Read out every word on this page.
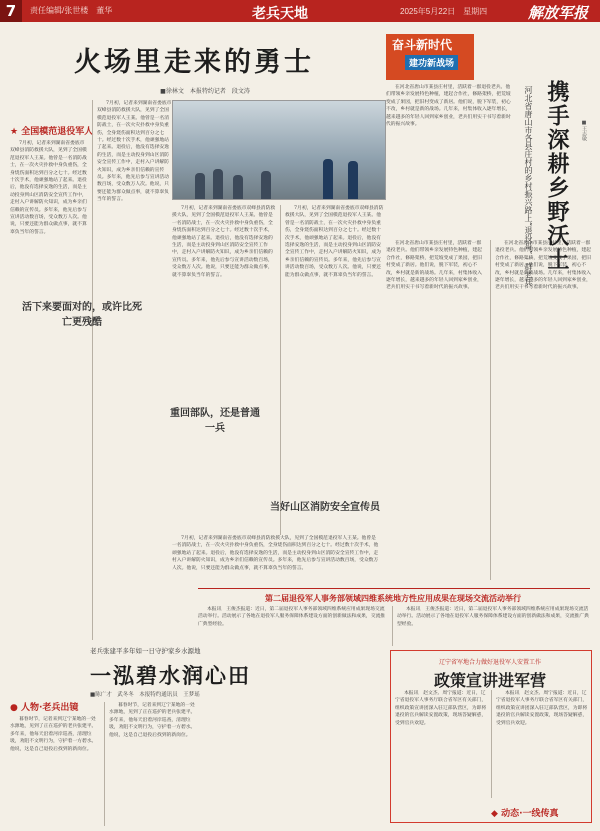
7	责任编辑/张世楼　董华	老兵天地	2025年5月22日　星期四	解放军报
火场里走来的勇士
■徐林文　本报特约记者　段文涛
★ 全国模范退役军人
7月初，记者来到湖南省娄底市双峰县消防救援大队，见到了全国模范退役军人王某。他曾是一名消防战士，在一次火灾扑救中身负重伤，全身烧伤面积达到百分之七十。经过数十次手术，他顽强地站了起来。退役后，他没有选择安逸的生活，而是主动投身到山区消防安全宣传工作中，走村入户讲解防火知识，成为乡亲们信赖的宣传员。多年来，他先后参与宣讲活动数百场，受众数万人次。他说，只要还能为群众做点事，就不算辜负当年的誓言。
7月初，记者来到湖南省娄底市双峰县消防救援大队，见到了全国模范退役军人王某。他曾是一名消防战士，在一次火灾扑救中身负重伤，全身烧伤面积达到百分之七十。经过数十次手术，他顽强地站了起来。退役后，他没有选择安逸的生活，而是主动投身到山区消防安全宣传工作中，走村入户讲解防火知识，成为乡亲们信赖的宣传员。多年来，他先后参与宣讲活动数百场，受众数万人次。他说，只要还能为群众做点事，就不算辜负当年的誓言。
活下来要面对的，或许比死亡更残酷
7月初，记者来到湖南省娄底市双峰县消防救援大队，见到了全国模范退役军人王某。他曾是一名消防战士，在一次火灾扑救中身负重伤，全身烧伤面积达到百分之七十。经过数十次手术，他顽强地站了起来。退役后，他没有选择安逸的生活，而是主动投身到山区消防安全宣传工作中，走村入户讲解防火知识，成为乡亲们信赖的宣传员。多年来，他先后参与宣讲活动数百场，受众数万人次。他说，只要还能为群众做点事，就不算辜负当年的誓言。
7月初，记者来到湖南省娄底市双峰县消防救援大队，见到了全国模范退役军人王某。他曾是一名消防战士，在一次火灾扑救中身负重伤，全身烧伤面积达到百分之七十。经过数十次手术，他顽强地站了起来。退役后，他没有选择安逸的生活，而是主动投身到山区消防安全宣传工作中，走村入户讲解防火知识，成为乡亲们信赖的宣传员。多年来，他先后参与宣讲活动数百场，受众数万人次。他说，只要还能为群众做点事，就不算辜负当年的誓言。
重回部队，还是普通一兵
当好山区消防安全宣传员
7月初，记者来到湖南省娄底市双峰县消防救援大队，见到了全国模范退役军人王某。他曾是一名消防战士，在一次火灾扑救中身负重伤，全身烧伤面积达到百分之七十。经过数十次手术，他顽强地站了起来。退役后，他没有选择安逸的生活，而是主动投身到山区消防安全宣传工作中，走村入户讲解防火知识，成为乡亲们信赖的宣传员。多年来，他先后参与宣讲活动数百场，受众数万人次。他说，只要还能为群众做点事，就不算辜负当年的誓言。
奋斗新时代
建功新战场
携手深耕乡野沃土
河北省唐山市各县庄村的乡村振兴路上“退役哥”一群老兵	■王志敏
在河北省唐山市某县庄村里，活跃着一群退役老兵。他们带领乡亲发展特色种植，建起合作社，修路架桥，把荒坡变成了果园，把旧村变成了新居。他们说，脱下军装，初心不改，乡村就是新的战场。几年来，村集体收入逐年增长，越来越多的年轻人回到家乡创业，老兵们用实干书写着新时代的振兴故事。
在河北省唐山市某县庄村里，活跃着一群退役老兵。他们带领乡亲发展特色种植，建起合作社，修路架桥，把荒坡变成了果园，把旧村变成了新居。他们说，脱下军装，初心不改，乡村就是新的战场。几年来，村集体收入逐年增长，越来越多的年轻人回到家乡创业，老兵们用实干书写着新时代的振兴故事。
在河北省唐山市某县庄村里，活跃着一群退役老兵。他们带领乡亲发展特色种植，建起合作社，修路架桥，把荒坡变成了果园，把旧村变成了新居。他们说，脱下军装，初心不改，乡村就是新的战场。几年来，村集体收入逐年增长，越来越多的年轻人回到家乡创业，老兵们用实干书写着新时代的振兴故事。
第二届退役军人事务部领域四维系统地方性应用成果在现场交流活动举行
本报讯　王俊杰报道：近日，第二届退役军人事务部领域四维系统应用成果现场交流活动举行。活动展示了各地在退役军人服务保障体系建设方面的创新做法和成果，交流推广典型经验。
本报讯　王俊杰报道：近日，第二届退役军人事务部领域四维系统应用成果现场交流活动举行。活动展示了各地在退役军人服务保障体系建设方面的创新做法和成果，交流推广典型经验。
老兵张建平多年如一日守护家乡水源地
一泓碧水润心田
■陈广才　武冬冬　本报特约通讯员　王梦瑶
● 人物·老兵出镜
暮春时节，记者来到辽宁某地的一处水源地，见到了正在巡护的老兵张建平。多年来，他每天沿着河岸巡查，清理垃圾，劝阻不文明行为，守护着一方碧水。他说，这是自己退役后找到的新岗位。
暮春时节，记者来到辽宁某地的一处水源地，见到了正在巡护的老兵张建平。多年来，他每天沿着河岸巡查，清理垃圾，劝阻不文明行为，守护着一方碧水。他说，这是自己退役后找到的新岗位。
辽宁省军地合力做好退役军人安置工作
政策宣讲进军营
本报讯　赵文杰、周宁报道：近日，辽宁省退役军人事务厅联合省军区有关部门，组织政策宣讲团深入驻辽部队营区，为即将退役的官兵解读安置政策，现场答疑解惑，受到官兵欢迎。
本报讯　赵文杰、周宁报道：近日，辽宁省退役军人事务厅联合省军区有关部门，组织政策宣讲团深入驻辽部队营区，为即将退役的官兵解读安置政策，现场答疑解惑，受到官兵欢迎。
◆ 动态·一线传真
